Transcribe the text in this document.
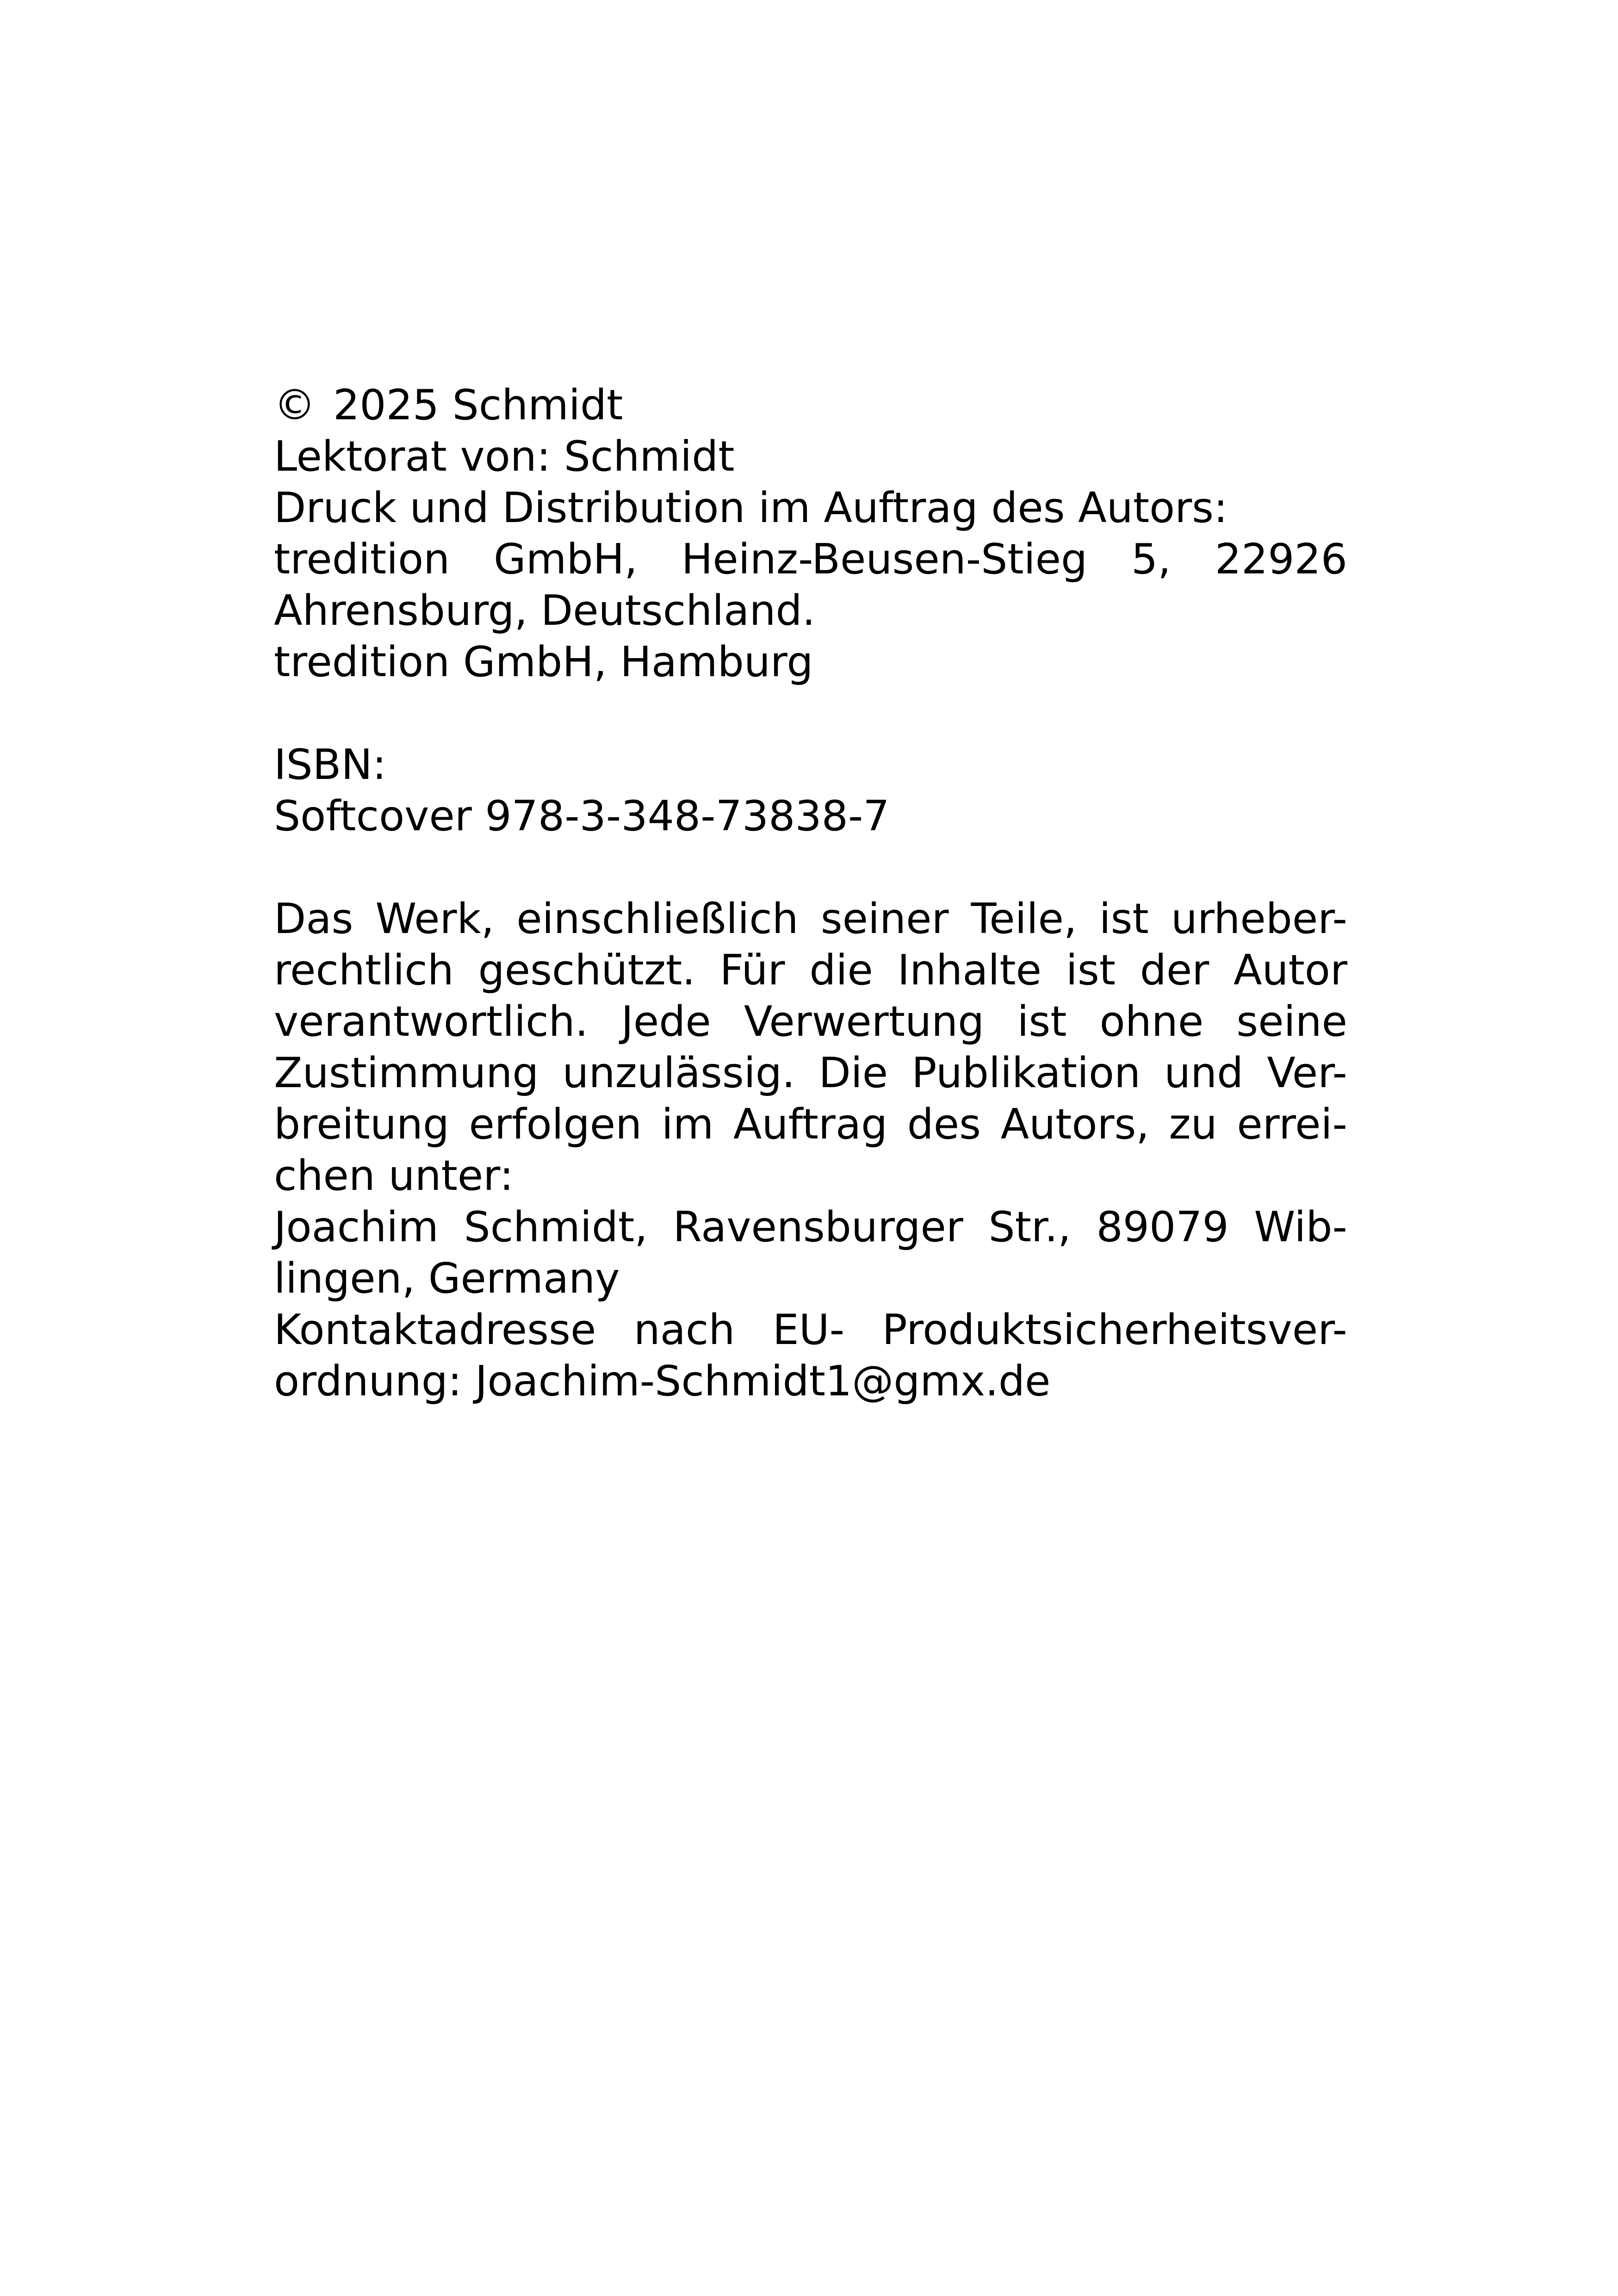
© 2025 Schmidt
Lektorat von: Schmidt
Druck und Distribution im Auftrag des Autors:
tredition GmbH, Heinz-Beusen-Stieg 5, 22926
Ahrensburg, Deutschland.
tredition GmbH, Hamburg
ISBN:
Softcover 978-3-348-73838-7
Das Werk, einschließlich seiner Teile, ist urheber-
rechtlich geschützt. Für die Inhalte ist der Autor
verantwortlich. Jede Verwertung ist ohne seine
Zustimmung unzulässig. Die Publikation und Ver-
breitung erfolgen im Auftrag des Autors, zu errei-
chen unter:
Joachim Schmidt, Ravensburger Str., 89079 Wib-
lingen, Germany
Kontaktadresse nach EU- Produktsicherheitsver-
ordnung: Joachim-Schmidt1@gmx.de
